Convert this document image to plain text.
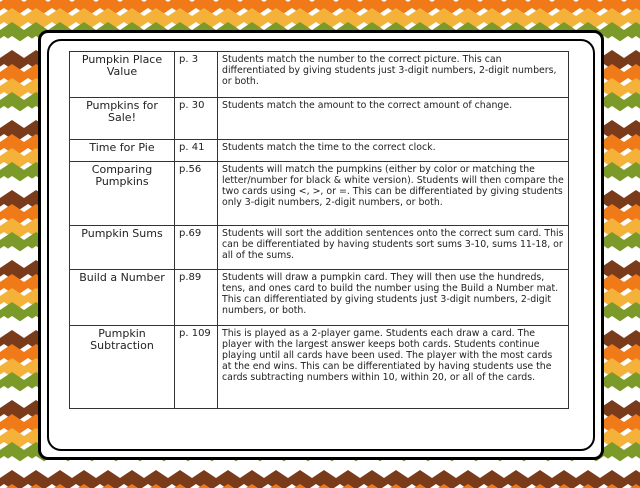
Pumpkin Place Value	p. 3	Students match the number to the correct picture. This can differentiated by giving students just 3-digit numbers, 2-digit numbers, or both.
Pumpkins for Sale!	p. 30	Students match the amount to the correct amount of change.
Time for Pie	p. 41	Students match the time to the correct clock.
Comparing Pumpkins	p.56	Students will match the pumpkins (either by color or matching the letter/number for black & white version). Students will then compare the two cards using <, >, or =. This can be differentiated by giving students only 3-digit numbers, 2-digit numbers, or both.
Pumpkin Sums	p.69	Students will sort the addition sentences onto the correct sum card. This can be differentiated by having students sort sums 3-10, sums 11-18, or all of the sums.
Build a Number	p.89	Students will draw a pumpkin card. They will then use the hundreds, tens, and ones card to build the number using the Build a Number mat. This can differentiated by giving students just 3-digit numbers, 2-digit numbers, or both.
Pumpkin Subtraction	p. 109	This is played as a 2-player game. Students each draw a card. The player with the largest answer keeps both cards. Students continue playing until all cards have been used. The player with the most cards at the end wins. This can be differentiated by having students use the cards subtracting numbers within 10, within 20, or all of the cards.
